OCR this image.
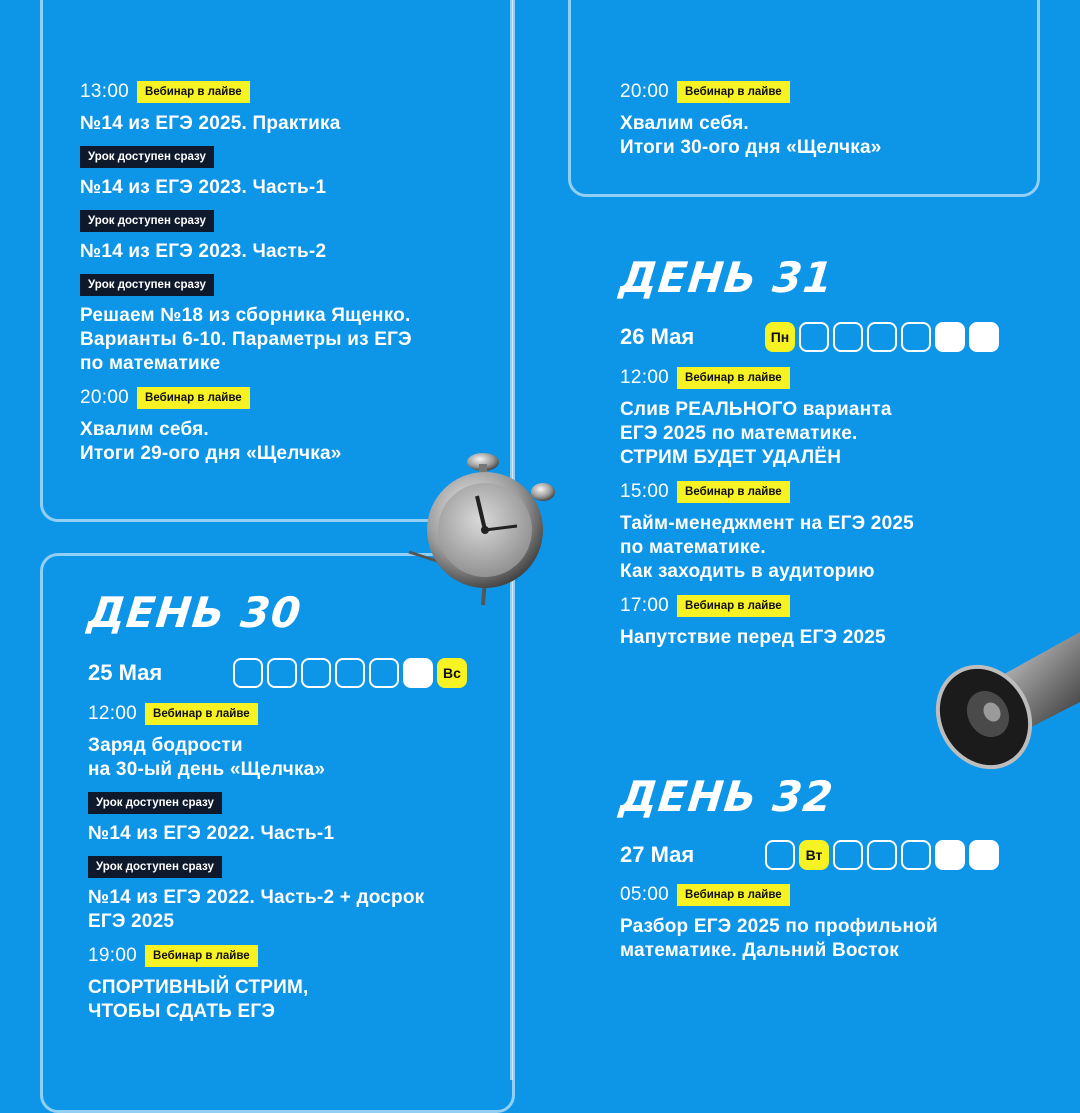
13:00	Вебинар в лайве
№14 из ЕГЭ 2025. Практика
Урок доступен сразу
№14 из ЕГЭ 2023. Часть-1
Урок доступен сразу
№14 из ЕГЭ 2023. Часть-2
Урок доступен сразу
Решаем №18 из сборника Ященко.
Варианты 6-10. Параметры из ЕГЭ
по математике
20:00	Вебинар в лайве
Хвалим себя.
Итоги 29-ого дня «Щелчка»
20:00	Вебинар в лайве
Хвалим себя.
Итоги 30-ого дня «Щелчка»
ДЕНЬ 30
25 Мая	Вс
12:00	Вебинар в лайве
Заряд бодрости
на 30-ый день «Щелчка»
Урок доступен сразу
№14 из ЕГЭ 2022. Часть-1
Урок доступен сразу
№14 из ЕГЭ 2022. Часть-2 + досрок
ЕГЭ 2025
19:00	Вебинар в лайве
СПОРТИВНЫЙ СТРИМ,
ЧТОБЫ СДАТЬ ЕГЭ
ДЕНЬ 31
26 Мая	Пн
12:00	Вебинар в лайве
Слив РЕАЛЬНОГО варианта
ЕГЭ 2025 по математике.
СТРИМ БУДЕТ УДАЛЁН
15:00	Вебинар в лайве
Тайм-менеджмент на ЕГЭ 2025
по математике.
Как заходить в аудиторию
17:00	Вебинар в лайве
Напутствие перед ЕГЭ 2025
ДЕНЬ 32
27 Мая	Вт
05:00	Вебинар в лайве
Разбор ЕГЭ 2025 по профильной
математике. Дальний Восток
